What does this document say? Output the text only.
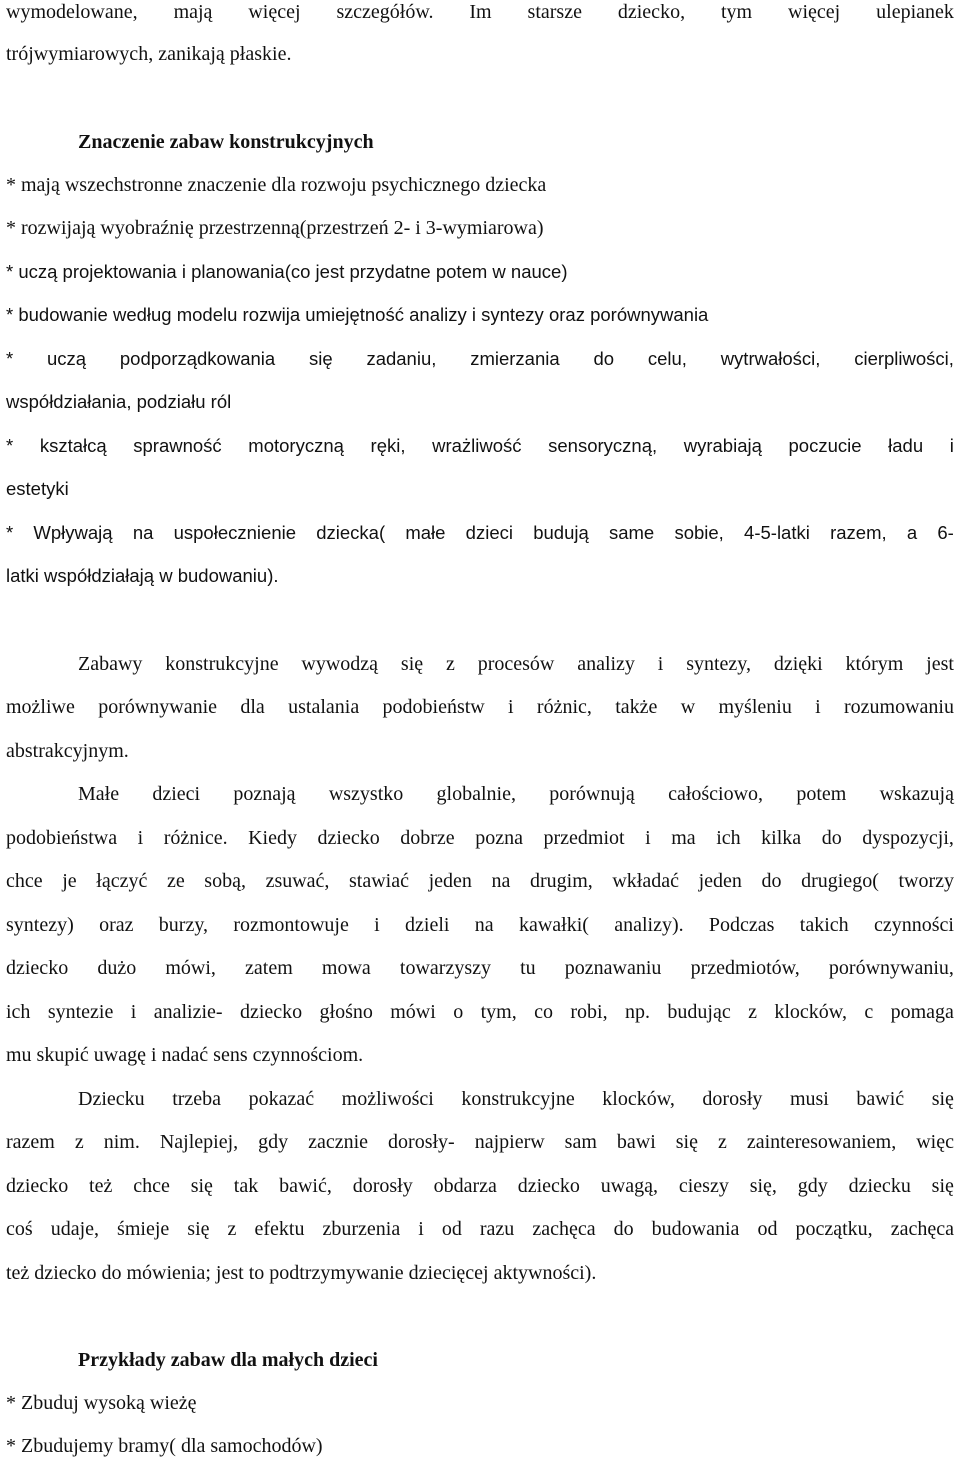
wymodelowane, mają więcej szczegółów. Im starsze dziecko, tym więcej ulepianek
trójwymiarowych, zanikają płaskie.
Znaczenie zabaw konstrukcyjnych
* mają wszechstronne znaczenie dla rozwoju psychicznego dziecka
* rozwijają wyobraźnię przestrzenną(przestrzeń 2- i 3-wymiarowa)
* uczą projektowania i planowania(co jest przydatne potem w nauce)
* budowanie według modelu rozwija umiejętność analizy i syntezy oraz porównywania
* uczą podporządkowania się zadaniu, zmierzania do celu, wytrwałości, cierpliwości,
współdziałania, podziału ról
* kształcą sprawność motoryczną ręki, wrażliwość sensoryczną, wyrabiają poczucie ładu i
estetyki
* Wpływają na uspołecznienie dziecka( małe dzieci budują same sobie, 4-5-latki razem, a 6-
latki współdziałają w budowaniu).
Zabawy konstrukcyjne wywodzą się z procesów analizy i syntezy, dzięki którym jest
możliwe porównywanie dla ustalania podobieństw i różnic, także w myśleniu i rozumowaniu
abstrakcyjnym.
Małe dzieci poznają wszystko globalnie, porównują całościowo, potem wskazują
podobieństwa i różnice. Kiedy dziecko dobrze pozna przedmiot i ma ich kilka do dyspozycji,
chce je łączyć ze sobą, zsuwać, stawiać jeden na drugim, wkładać jeden do drugiego( tworzy
syntezy) oraz burzy, rozmontowuje i dzieli na kawałki( analizy). Podczas takich czynności
dziecko dużo mówi, zatem mowa towarzyszy tu poznawaniu przedmiotów, porównywaniu,
ich syntezie i analizie- dziecko głośno mówi o tym, co robi, np. budując z klocków, c pomaga
mu skupić uwagę i nadać sens czynnościom.
Dziecku trzeba pokazać możliwości konstrukcyjne klocków, dorosły musi bawić się
razem z nim. Najlepiej, gdy zacznie dorosły- najpierw sam bawi się z zainteresowaniem, więc
dziecko też chce się tak bawić, dorosły obdarza dziecko uwagą, cieszy się, gdy dziecku się
coś udaje, śmieje się z efektu zburzenia i od razu zachęca do budowania od początku, zachęca
też dziecko do mówienia; jest to podtrzymywanie dziecięcej aktywności).
Przykłady zabaw dla małych dzieci
* Zbuduj wysoką wieżę
* Zbudujemy bramy( dla samochodów)
